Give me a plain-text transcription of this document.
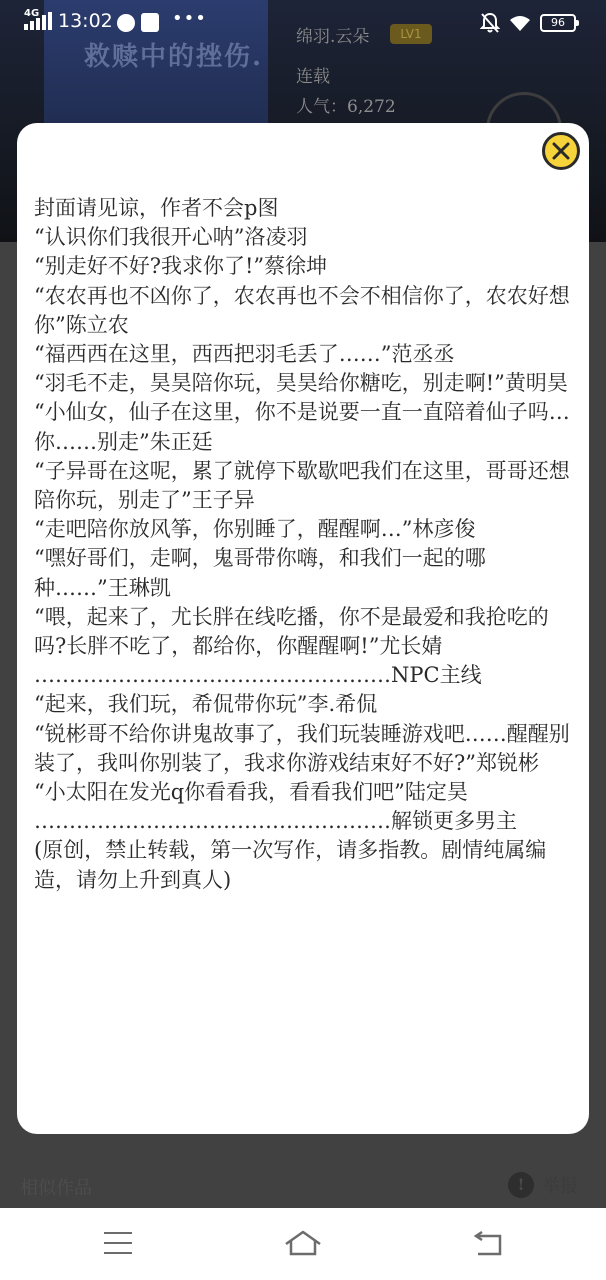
救赎中的挫伤.
绵羽.云朵	LV1
连载
人气：6,272
相似作品	! 举报
4G 13:02	•••	96
封面请见谅，作者不会p图
“认识你们我很开心呐”洛凌羽
“别走好不好?我求你了!”蔡徐坤
“农农再也不凶你了，农农再也不会不相信你了，农农好想你”陈立农
“福西西在这里，西西把羽毛丢了……”范丞丞
“羽毛不走，昊昊陪你玩，昊昊给你糖吃，别走啊!”黄明昊
“小仙女，仙子在这里，你不是说要一直一直陪着仙子吗…你……别走”朱正廷
“子异哥在这呢，累了就停下歇歇吧我们在这里，哥哥还想陪你玩，别走了”王子异
“走吧陪你放风筝，你别睡了，醒醒啊…”林彦俊
“嘿好哥们，走啊，鬼哥带你嗨，和我们一起的哪种……”王琳凯
“喂，起来了，尤长胖在线吃播，你不是最爱和我抢吃的吗?长胖不吃了，都给你，你醒醒啊!”尤长婧
……………………………………………NPC主线
“起来，我们玩，希侃带你玩”李.希侃
“锐彬哥不给你讲鬼故事了，我们玩装睡游戏吧……醒醒别装了，我叫你别装了，我求你游戏结束好不好?”郑锐彬
“小太阳在发光q你看看我，看看我们吧”陆定昊
……………………………………………解锁更多男主
(原创，禁止转载，第一次写作，请多指教。剧情纯属编造，请勿上升到真人)
